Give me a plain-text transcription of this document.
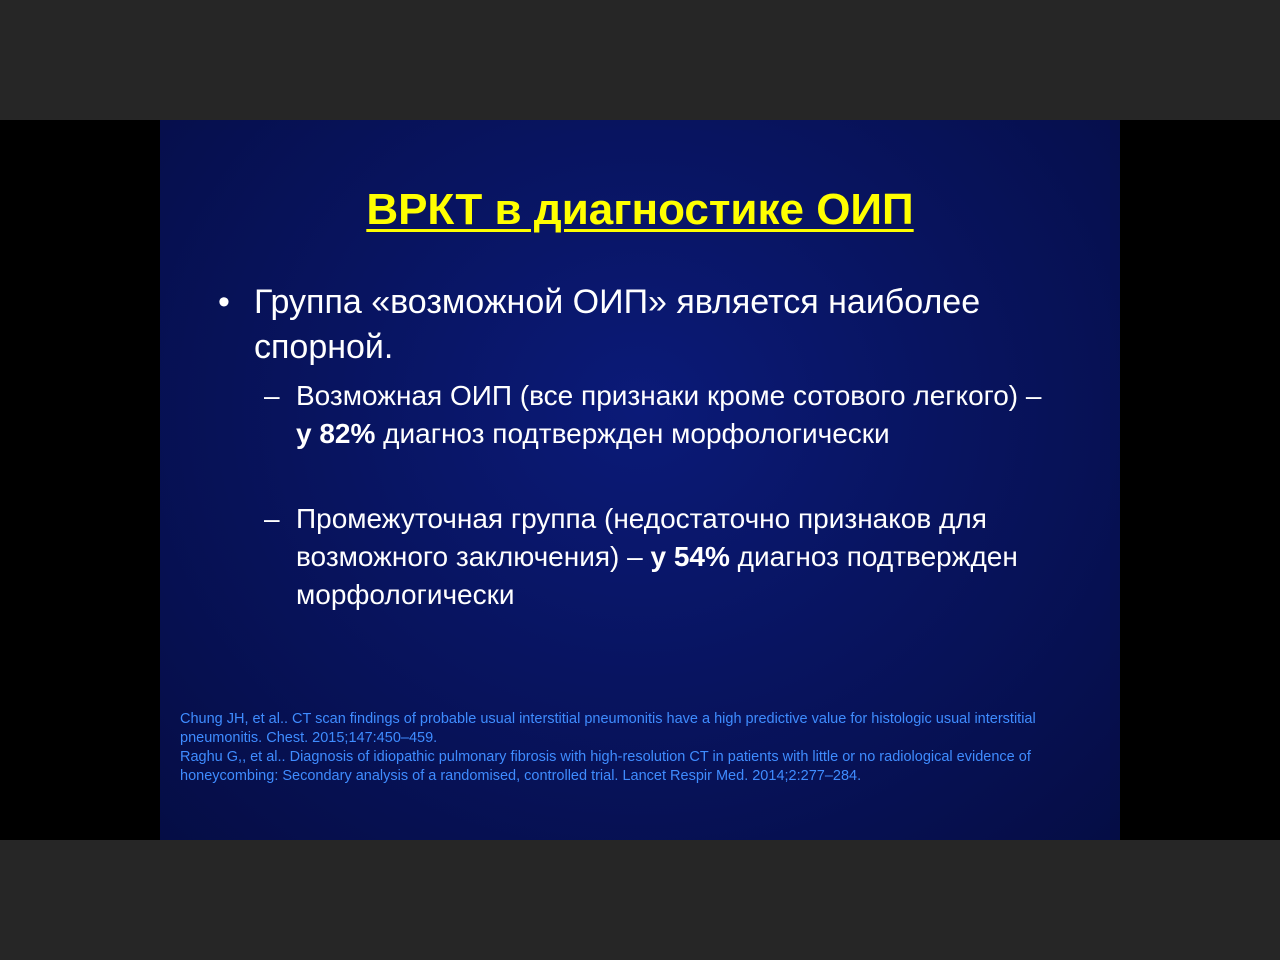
ВРКТ в диагностике ОИП
• Группа «возможной ОИП» является наиболее спорной.
– Возможная ОИП (все признаки кроме сотового легкого) – у 82% диагноз подтвержден морфологически
– Промежуточная группа (недостаточно признаков для возможного заключения) – у 54% диагноз подтвержден морфологически
Chung JH, et al.. CT scan findings of probable usual interstitial pneumonitis have a high predictive value for histologic usual interstitial pneumonitis. Chest. 2015;147:450–459.
Raghu G,, et al.. Diagnosis of idiopathic pulmonary fibrosis with high-resolution CT in patients with little or no radiological evidence of honeycombing: Secondary analysis of a randomised, controlled trial. Lancet Respir Med. 2014;2:277–284.
